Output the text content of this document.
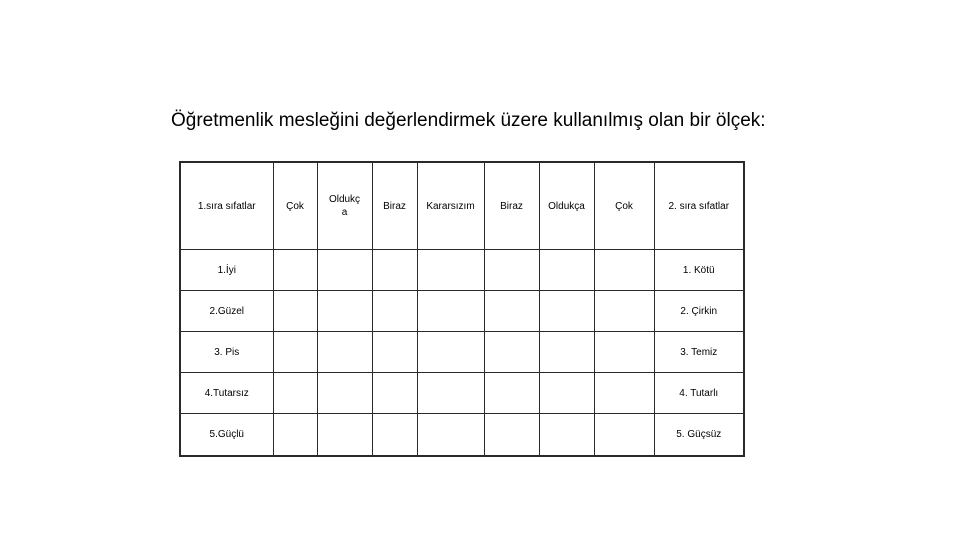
Öğretmenlik mesleğini değerlendirmek üzere kullanılmış olan bir ölçek:
1.sıra sıfatlar	Çok	Oldukça	Biraz	Kararsızım	Biraz	Oldukça	Çok	2. sıra sıfatlar
1.İyi								1. Kötü
2.Güzel								2. Çirkin
3. Pis								3. Temiz
4.Tutarsız								4. Tutarlı
5.Güçlü								5. Güçsüz
